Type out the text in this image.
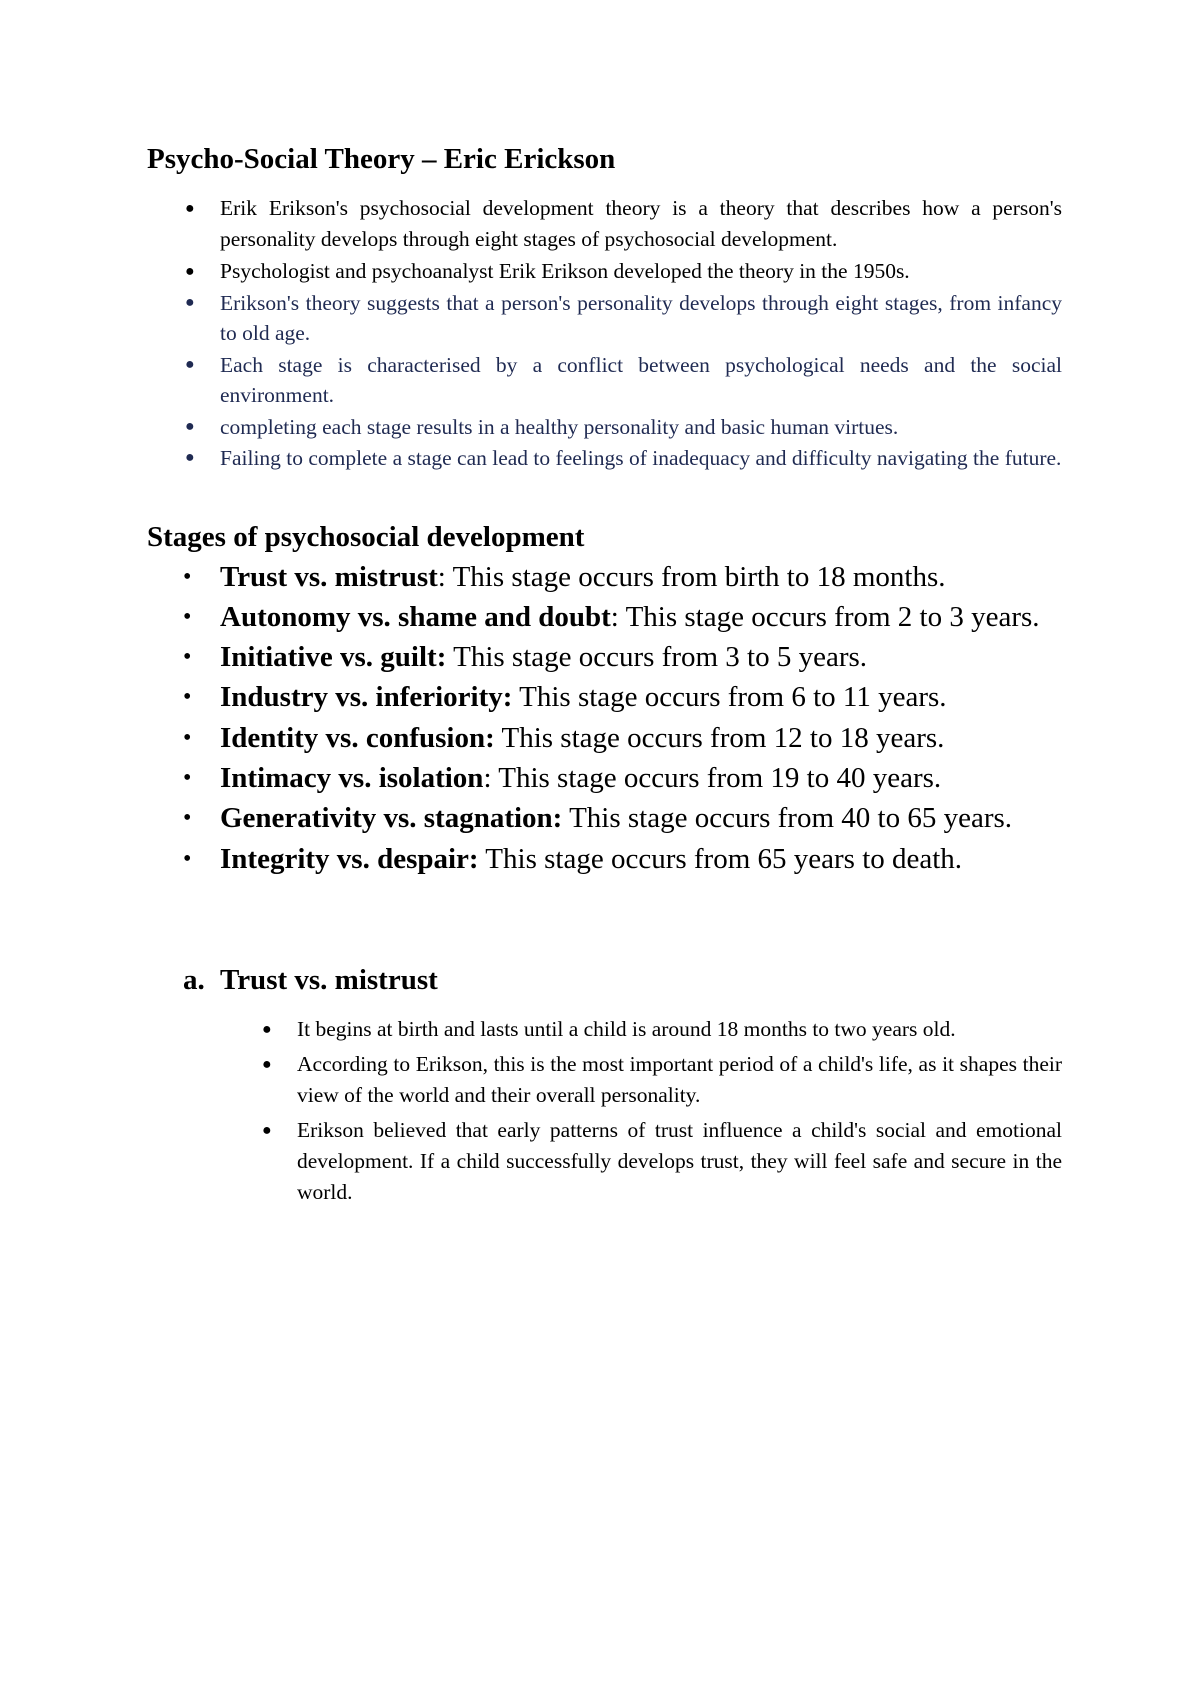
Psycho-Social Theory – Eric Erickson
● Erik Erikson's psychosocial development theory is a theory that describes how a person's personality develops through eight stages of psychosocial development.
● Psychologist and psychoanalyst Erik Erikson developed the theory in the 1950s.
● Erikson's theory suggests that a person's personality develops through eight stages, from infancy to old age.
● Each stage is characterised by a conflict between psychological needs and the social environment.
● completing each stage results in a healthy personality and basic human virtues.
● Failing to complete a stage can lead to feelings of inadequacy and difficulty navigating the future.
Stages of psychosocial development
• Trust vs. mistrust: This stage occurs from birth to 18 months.
• Autonomy vs. shame and doubt: This stage occurs from 2 to 3 years.
• Initiative vs. guilt: This stage occurs from 3 to 5 years.
• Industry vs. inferiority: This stage occurs from 6 to 11 years.
• Identity vs. confusion: This stage occurs from 12 to 18 years.
• Intimacy vs. isolation: This stage occurs from 19 to 40 years.
• Generativity vs. stagnation: This stage occurs from 40 to 65 years.
• Integrity vs. despair: This stage occurs from 65 years to death.
a. Trust vs. mistrust
● It begins at birth and lasts until a child is around 18 months to two years old.
● According to Erikson, this is the most important period of a child's life, as it shapes their view of the world and their overall personality.
● Erikson believed that early patterns of trust influence a child's social and emotional development. If a child successfully develops trust, they will feel safe and secure in the world.
